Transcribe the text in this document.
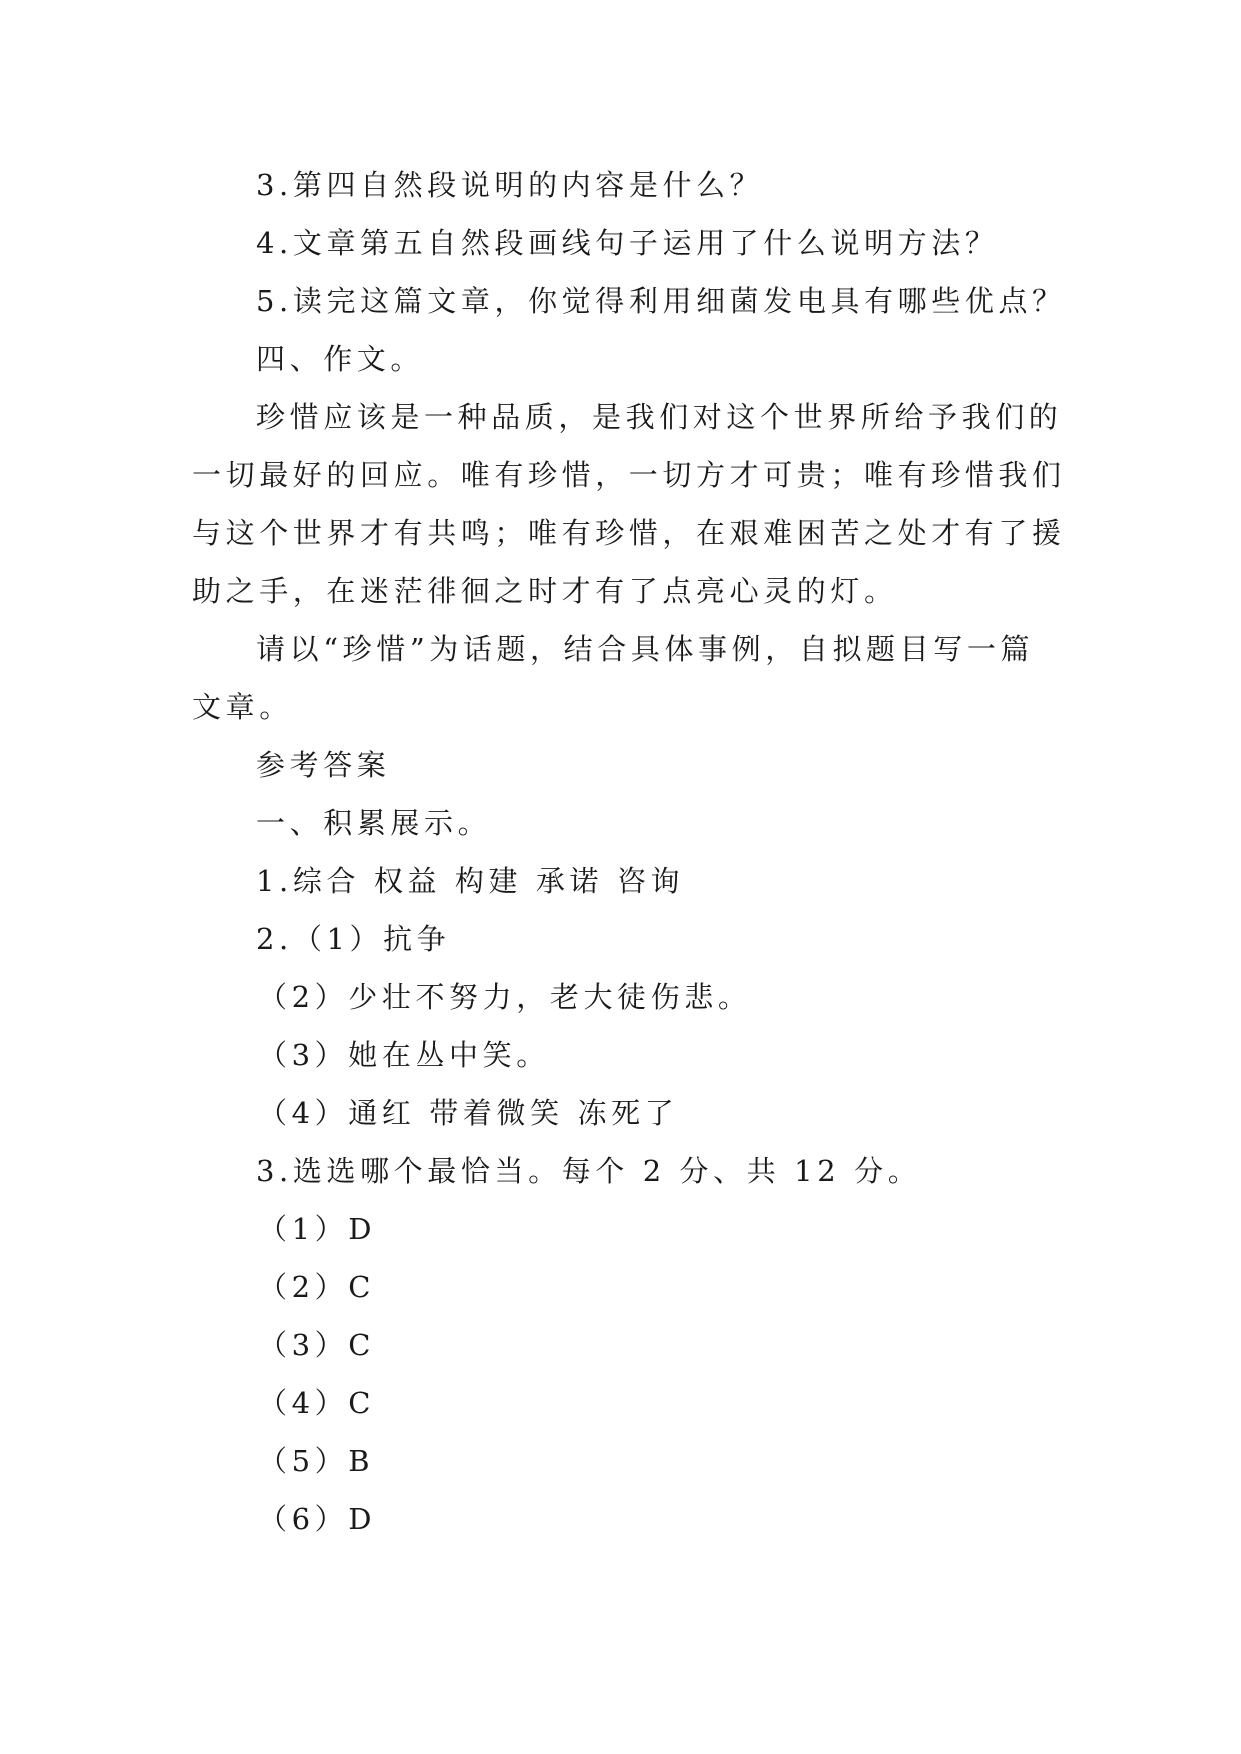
3.第四自然段说明的内容是什么？
4.文章第五自然段画线句子运用了什么说明方法？
5.读完这篇文章，你觉得利用细菌发电具有哪些优点？
四、作文。
珍惜应该是一种品质，是我们对这个世界所给予我们的
一切最好的回应。唯有珍惜，一切方才可贵；唯有珍惜我们
与这个世界才有共鸣；唯有珍惜，在艰难困苦之处才有了援
助之手，在迷茫徘徊之时才有了点亮心灵的灯。
请以“珍惜”为话题，结合具体事例，自拟题目写一篇
文章。
参考答案
一、积累展示。
1.综合 权益 构建 承诺 咨询
2.（1）抗争
（2）少壮不努力，老大徒伤悲。
（3）她在丛中笑。
（4）通红 带着微笑 冻死了
3.选选哪个最恰当。每个 2 分、共 12 分。
（1）D
（2）C
（3）C
（4）C
（5）B
（6）D
